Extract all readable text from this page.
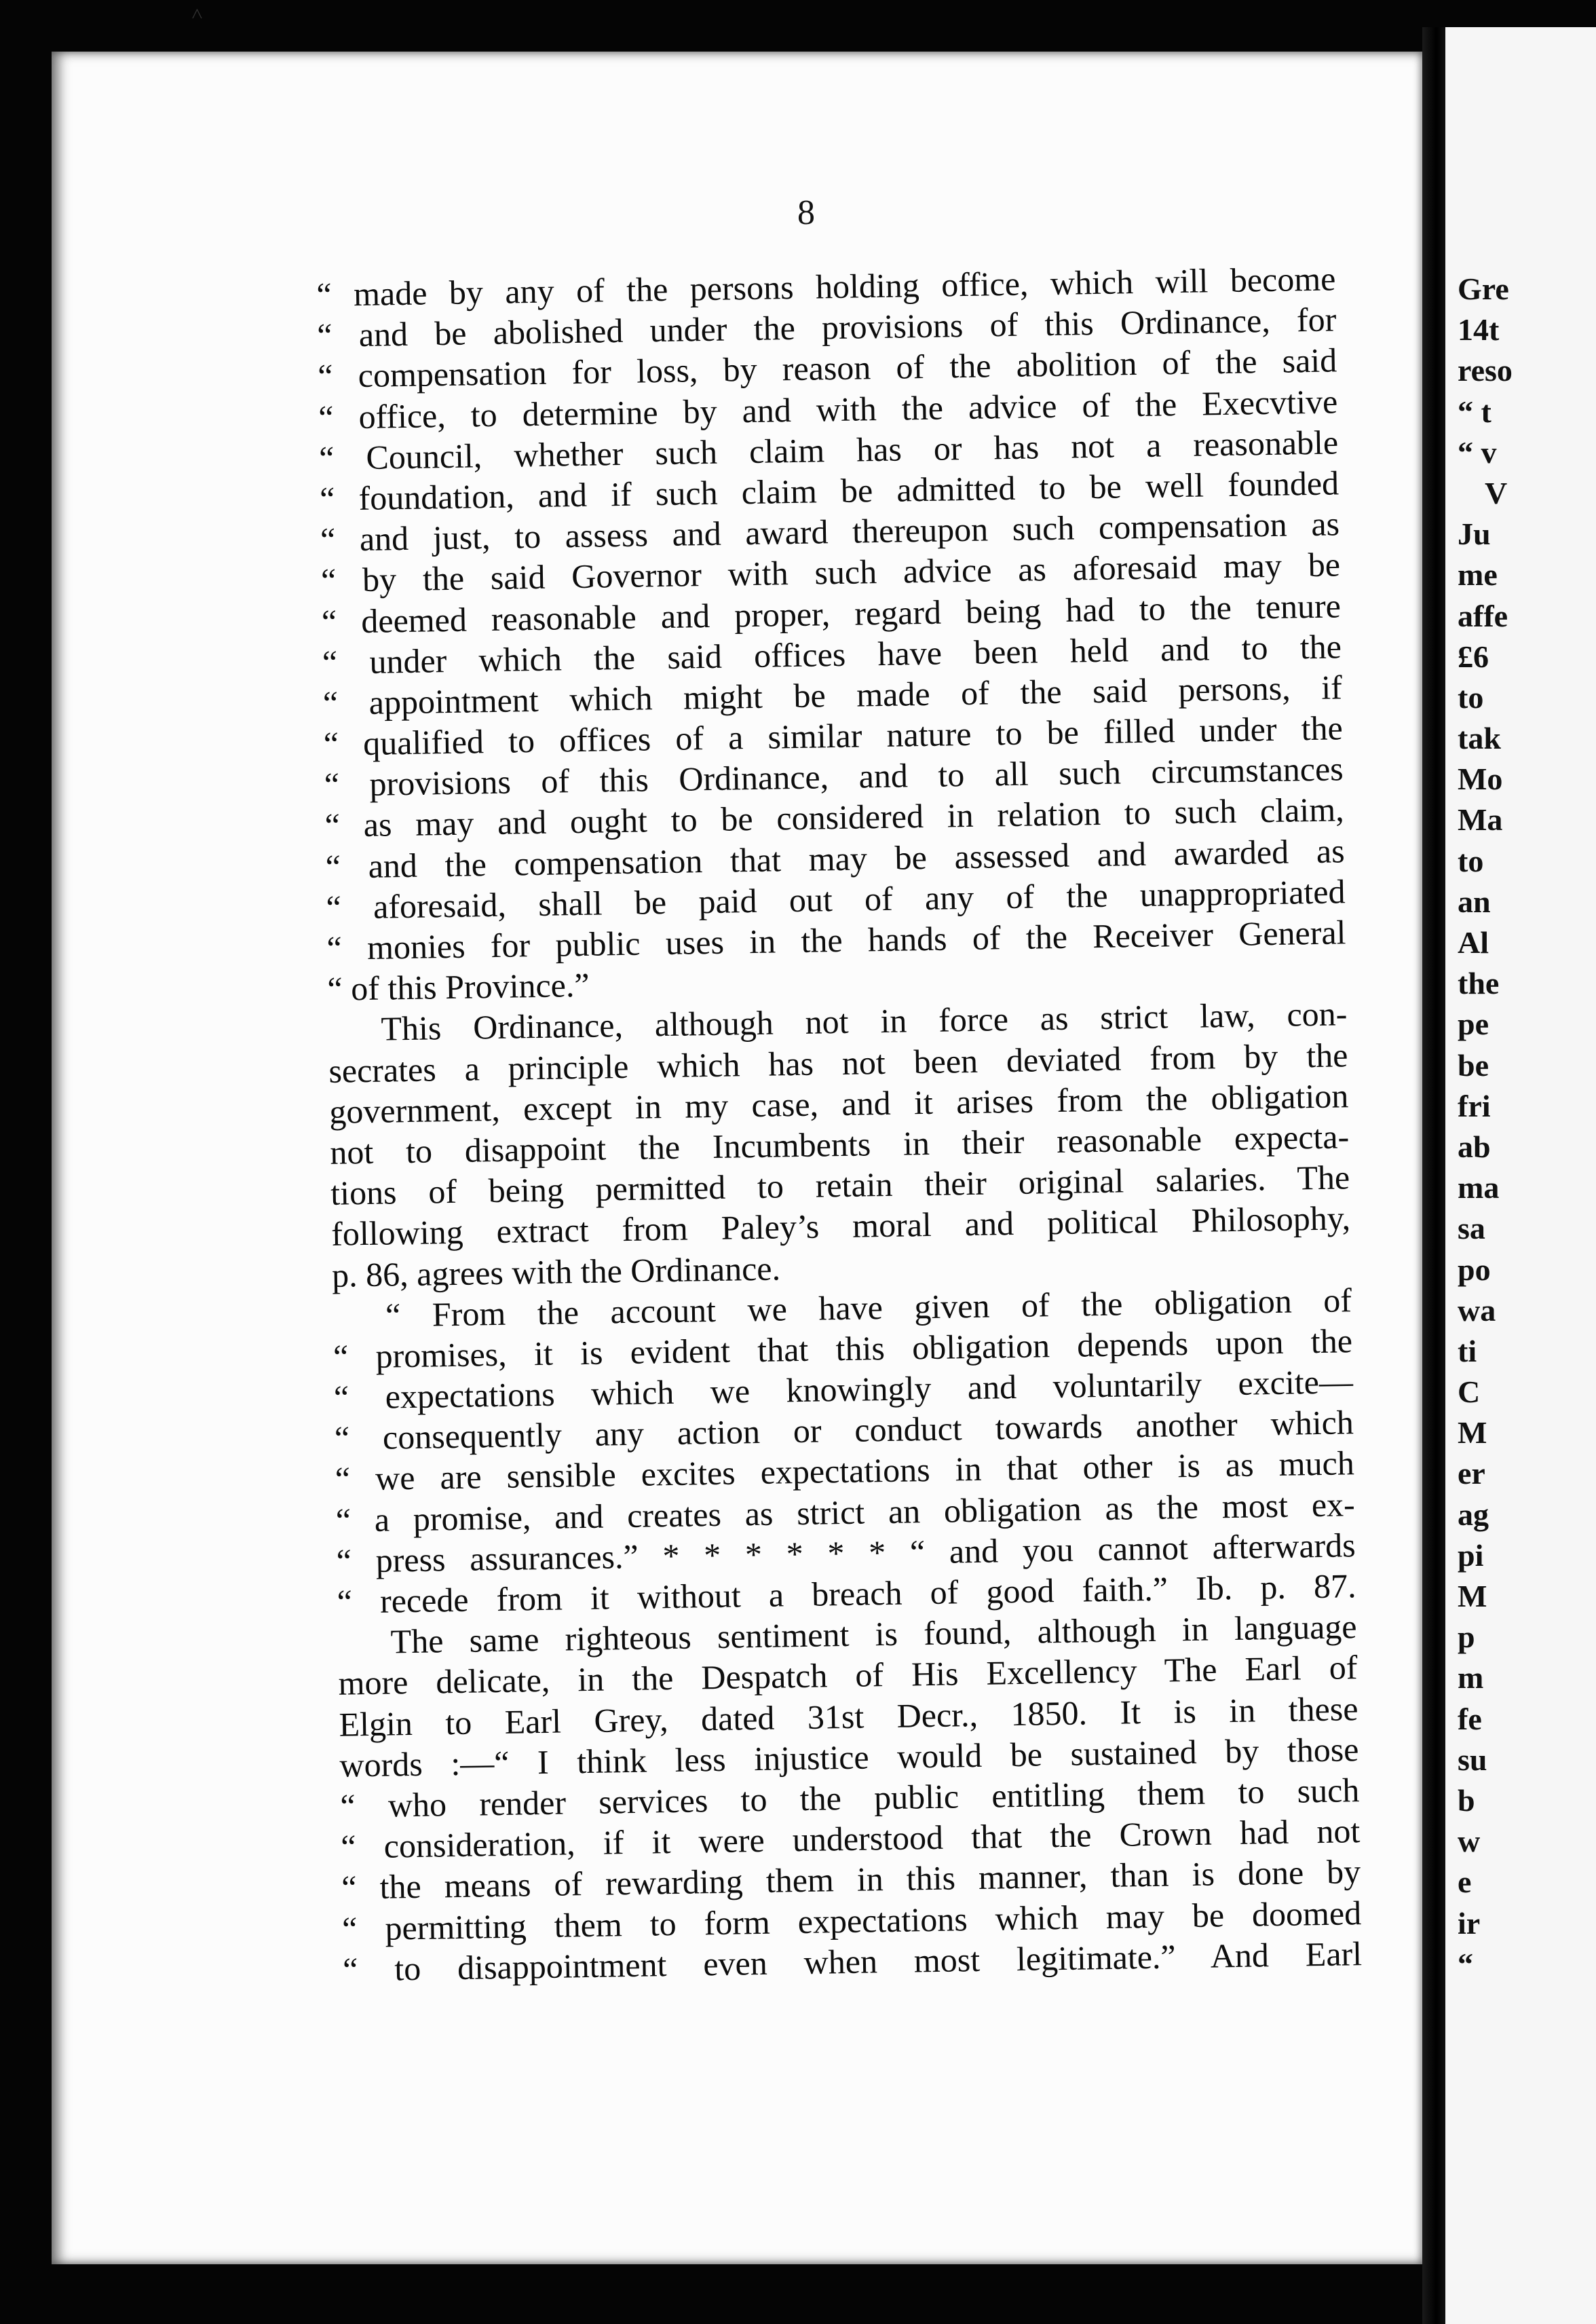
˄
8
“ made by any of the persons holding office, which will become
“ and be abolished under the provisions of this Ordinance, for
“ compensation for loss, by reason of the abolition of the said
“ office, to determine by and with the advice of the Execvtive
“ Council, whether such claim has or has not a reasonable
“ foundation, and if such claim be admitted to be well founded
“ and just, to assess and award thereupon such compensation as
“ by the said Governor with such advice as aforesaid may be
“ deemed reasonable and proper, regard being had to the tenure
“ under which the said offices have been held and to the
“ appointment which might be made of the said persons, if
“ qualified to offices of a similar nature to be filled under the
“ provisions of this Ordinance, and to all such circumstances
“ as may and ought to be considered in relation to such claim,
“ and the compensation that may be assessed and awarded as
“ aforesaid, shall be paid out of any of the unappropriated
“ monies for public uses in the hands of the Receiver General
“ of this Province.”
This Ordinance, although not in force as strict law, con-
secrates a principle which has not been deviated from by the
government, except in my case, and it arises from the obligation
not to disappoint the Incumbents in their reasonable expecta-
tions of being permitted to retain their original salaries. The
following extract from Paley’s moral and political Philosophy,
p. 86, agrees with the Ordinance.
“ From the account we have given of the obligation of
“ promises, it is evident that this obligation depends upon the
“ expectations which we knowingly and voluntarily excite—
“ consequently any action or conduct towards another which
“ we are sensible excites expectations in that other is as much
“ a promise, and creates as strict an obligation as the most ex-
“ press assurances.” * * * * * * “ and you cannot afterwards
“ recede from it without a breach of good faith.” Ib. p. 87.
The same righteous sentiment is found, although in language
more delicate, in the Despatch of His Excellency The Earl of
Elgin to Earl Grey, dated 31st Decr., 1850. It is in these
words :—“ I think less injustice would be sustained by those
“ who render services to the public entitling them to such
“ consideration, if it were understood that the Crown had not
“ the means of rewarding them in this manner, than is done by
“ permitting them to form expectations which may be doomed
“ to disappointment even when most legitimate.” And Earl
Gre
14t
reso
“ t
“ v
V
Ju
me
affe
£6
to
tak
Mo
Ma
to
an
Al
the
pe
be
fri
ab
ma
sa
po
wa
ti
C
M
er
ag
pi
M
p
m
fe
su
b
w
e
ir
“
